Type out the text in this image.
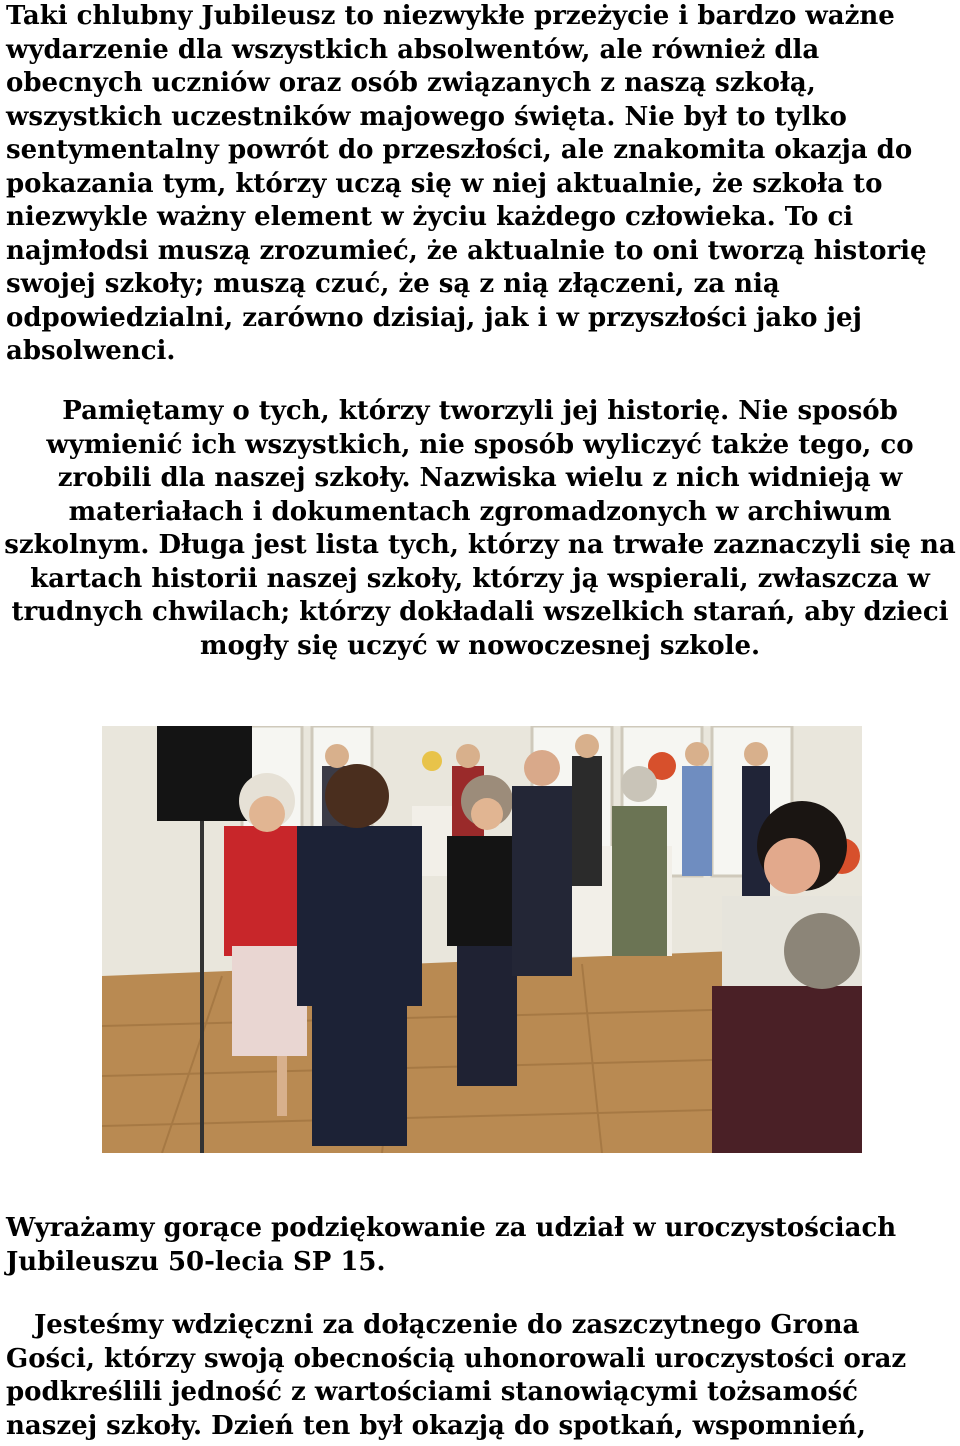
Taki chlubny Jubileusz to niezwykłe przeżycie i bardzo ważne wydarzenie dla wszystkich absolwentów, ale również dla obecnych uczniów oraz osób związanych z naszą szkołą, wszystkich uczestników majowego święta. Nie był to tylko sentymentalny powrót do przeszłości, ale znakomita okazja do pokazania tym, którzy uczą się w niej aktualnie, że szkoła to niezwykle ważny element w życiu każdego człowieka. To ci najmłodsi muszą zrozumieć, że aktualnie to oni tworzą historię swojej szkoły; muszą czuć, że są z nią złączeni, za nią odpowiedzialni, zarówno dzisiaj, jak i w przyszłości jako jej absolwenci.

Pamiętamy o tych, którzy tworzyli jej historię. Nie sposób wymienić ich wszystkich, nie sposób wyliczyć także tego, co zrobili dla naszej szkoły. Nazwiska wielu z nich widnieją w materiałach i dokumentach zgromadzonych w archiwum szkolnym. Długa jest lista tych, którzy na trwałe zaznaczyli się na kartach historii naszej szkoły, którzy ją wspierali, zwłaszcza w trudnych chwilach; którzy dokładali wszelkich starań, aby dzieci mogły się uczyć w nowoczesnej szkole.

Wyrażamy gorące podziękowanie za udział w uroczystościach Jubileuszu 50-lecia SP 15.

Jesteśmy wdzięczni za dołączenie do zaszczytnego Grona Gości, którzy swoją obecnością uhonorowali uroczystości oraz podkreślili jedność z wartościami stanowiącymi tożsamość naszej szkoły. Dzień ten był okazją do spotkań, wspomnień,
